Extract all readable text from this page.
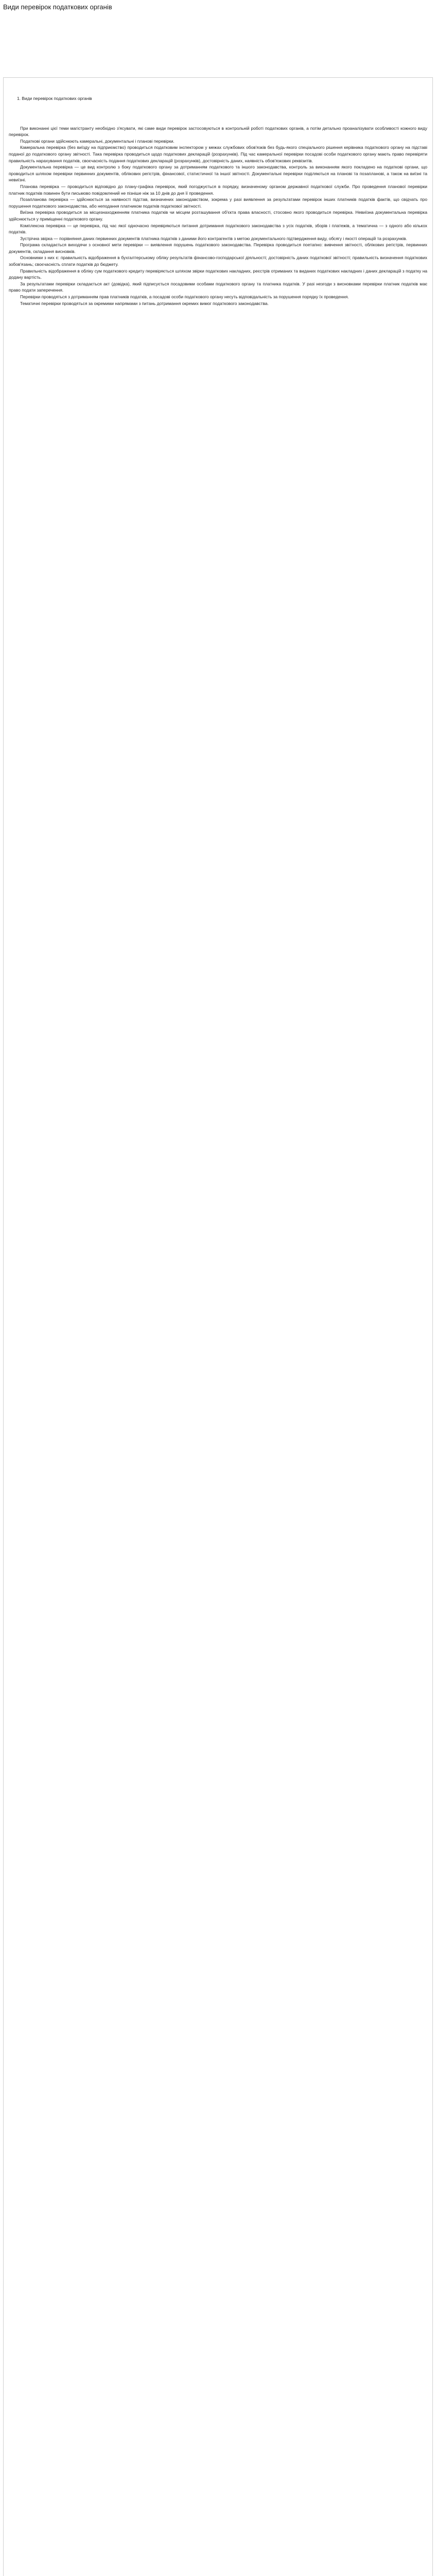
Види перевірок податкових органів
1. Види перевірок податкових органів

При виконанні цієї теми магістранту необхідно з'ясувати, які саме види перевірок застосовуються в контрольній роботі податкових органів, а потім детально проаналізувати особливості кожного виду перевірок.

Податкові органи здійснюють камеральні, документальні і планові перевірки.

Камеральна перевірка (без виїзду на підприємство) проводиться податковим інспектором у межах службових обов'язків без будь-якого спеціального рішення керівника податкового органу на підставі поданої до податкового органу звітності. Така перевірка проводиться щодо податкових декларацій (розрахунків). Під час камеральної перевірки посадові особи податкового органу мають право перевіряти правильність нарахування податків, своєчасність подання податкових декларацій (розрахунків), достовірність даних, наявність обов'язкових реквізитів.

Документальна перевірка — це вид контролю з боку податкового органу за дотриманням податкового та іншого законодавства, контроль за виконанням якого покладено на податкові органи, що проводиться шляхом перевірки первинних документів, облікових регістрів, фінансової, статистичної та іншої звітності. Документальні перевірки поділяються на планові та позапланові, а також на виїзні та невиїзні.

Планова перевірка — проводиться відповідно до плану-графіка перевірок, який погоджується в порядку, визначеному органом державної податкової служби. Про проведення планової перевірки платник податків повинен бути письмово повідомлений не пізніше ніж за 10 днів до дня її проведення.

Позапланова перевірка — здійснюється за наявності підстав, визначених законодавством, зокрема у разі виявлення за результатами перевірок інших платників податків фактів, що свідчать про порушення податкового законодавства, або неподання платником податків податкової звітності.

Виїзна перевірка проводиться за місцезнаходженням платника податків чи місцем розташування об'єкта права власності, стосовно якого проводиться перевірка. Невиїзна документальна перевірка здійснюється у приміщенні податкового органу.

Комплексна перевірка — це перевірка, під час якої одночасно перевіряються питання дотримання податкового законодавства з усіх податків, зборів і платежів, а тематична — з одного або кількох податків.

Зустрічна звірка — порівняння даних первинних документів платника податків з даними його контрагентів з метою документального підтвердження виду, обсягу і якості операцій та розрахунків.

Програма складається виходячи з основної мети перевірки — виявлення порушень податкового законодавства. Перевірка проводиться поетапно: вивчення звітності, облікових регістрів, первинних документів, складання висновків.

Основними з них є: правильність відображення в бухгалтерському обліку результатів фінансово-господарської діяльності; достовірність даних податкової звітності; правильність визначення податкових зобов'язань; своєчасність сплати податків до бюджету.

Правильність відображення в обліку сум податкового кредиту перевіряється шляхом звірки податкових накладних, реєстрів отриманих та виданих податкових накладних і даних декларацій з податку на додану вартість.

За результатами перевірки складається акт (довідка), який підписується посадовими особами податкового органу та платника податків. У разі незгоди з висновками перевірки платник податків має право подати заперечення.

Перевірки проводяться з дотриманням прав платників податків, а посадові особи податкового органу несуть відповідальність за порушення порядку їх проведення.

Тематичні перевірки проводяться за окремими напрямами з питань дотримання окремих вимог податкового законодавства.
